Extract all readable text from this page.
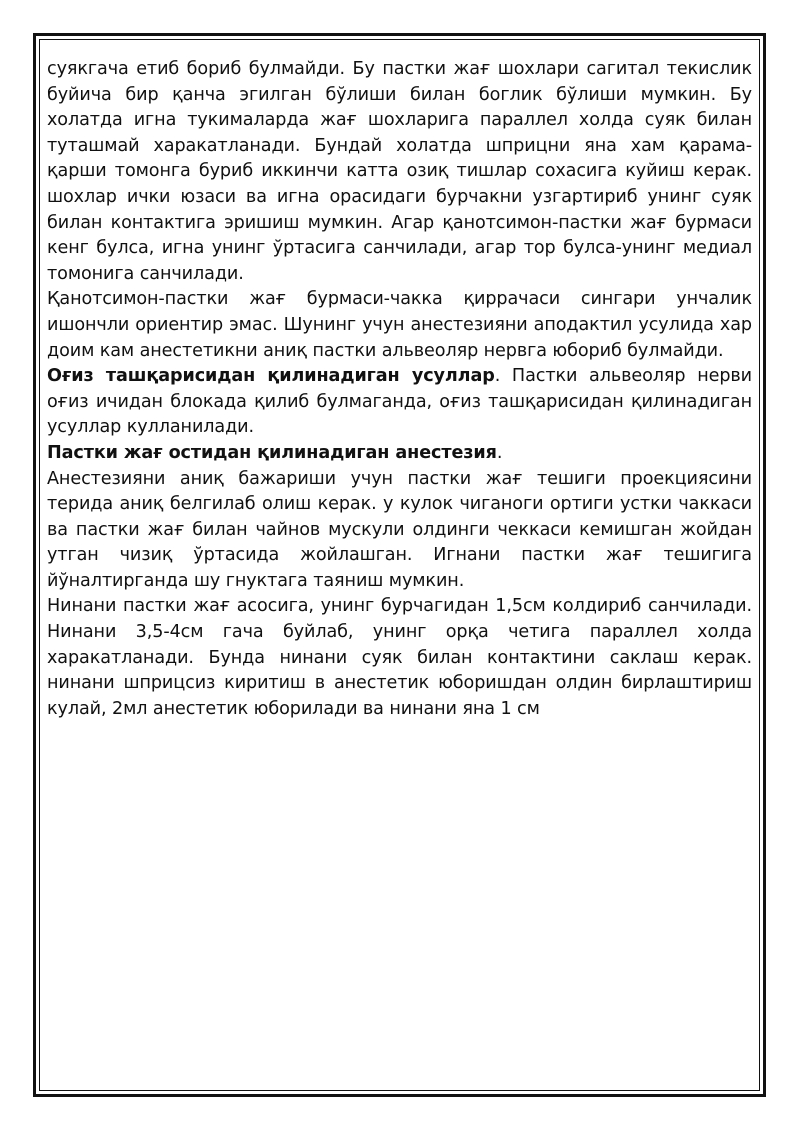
суякгача етиб бориб булмайди. Бу пастки жағ шохлари сагитал текислик буйича бир қанча эгилган бўлиши билан боглик бўлиши мумкин. Бу холатда игна тукималарда жағ шохларига параллел холда суяк билан туташмай харакатланади. Бундай холатда шприцни яна хам қарама-қарши томонга буриб иккинчи катта озиқ тишлар сохасига куйиш керак. шохлар ички юзаси ва игна орасидаги бурчакни узгартириб унинг суяк билан контактига эришиш мумкин. Агар қанотсимон-пастки жағ бурмаси кенг булса, игна унинг ўртасига санчилади, агар тор булса-унинг медиал томонига санчилади.

Қанотсимон-пастки жағ бурмаси-чакка қиррачаси сингари унчалик ишончли ориентир эмас. Шунинг учун анестезияни аподактил усулида хар доим кам анестетикни аниқ пастки альвеоляр нервга юбориб булмайди.

Оғиз ташқарисидан қилинадиган усуллар. Пастки альвеоляр нерви оғиз ичидан блокада қилиб булмаганда, оғиз ташқарисидан қилинадиган усуллар кулланилади.

Пастки жағ остидан қилинадиган анестезия.

Анестезияни аниқ бажариши учун пастки жағ тешиги проекциясини терида аниқ белгилаб олиш керак. у кулок чиганоги ортиги устки чаккаси ва пастки жағ билан чайнов мускули олдинги чеккаси кемишган жойдан утган чизиқ ўртасида жойлашган. Игнани пастки жағ тешигига йўналтирганда шу гнуктага таяниш мумкин.

Нинани пастки жағ асосига, унинг бурчагидан 1,5см колдириб санчилади. Нинани 3,5-4см гача буйлаб, унинг орқа четига параллел холда харакатланади. Бунда нинани суяк билан контактини саклаш керак. нинани шприцсиз киритиш в анестетик юборишдан олдин бирлаштириш кулай, 2мл анестетик юборилади ва нинани яна 1 см
